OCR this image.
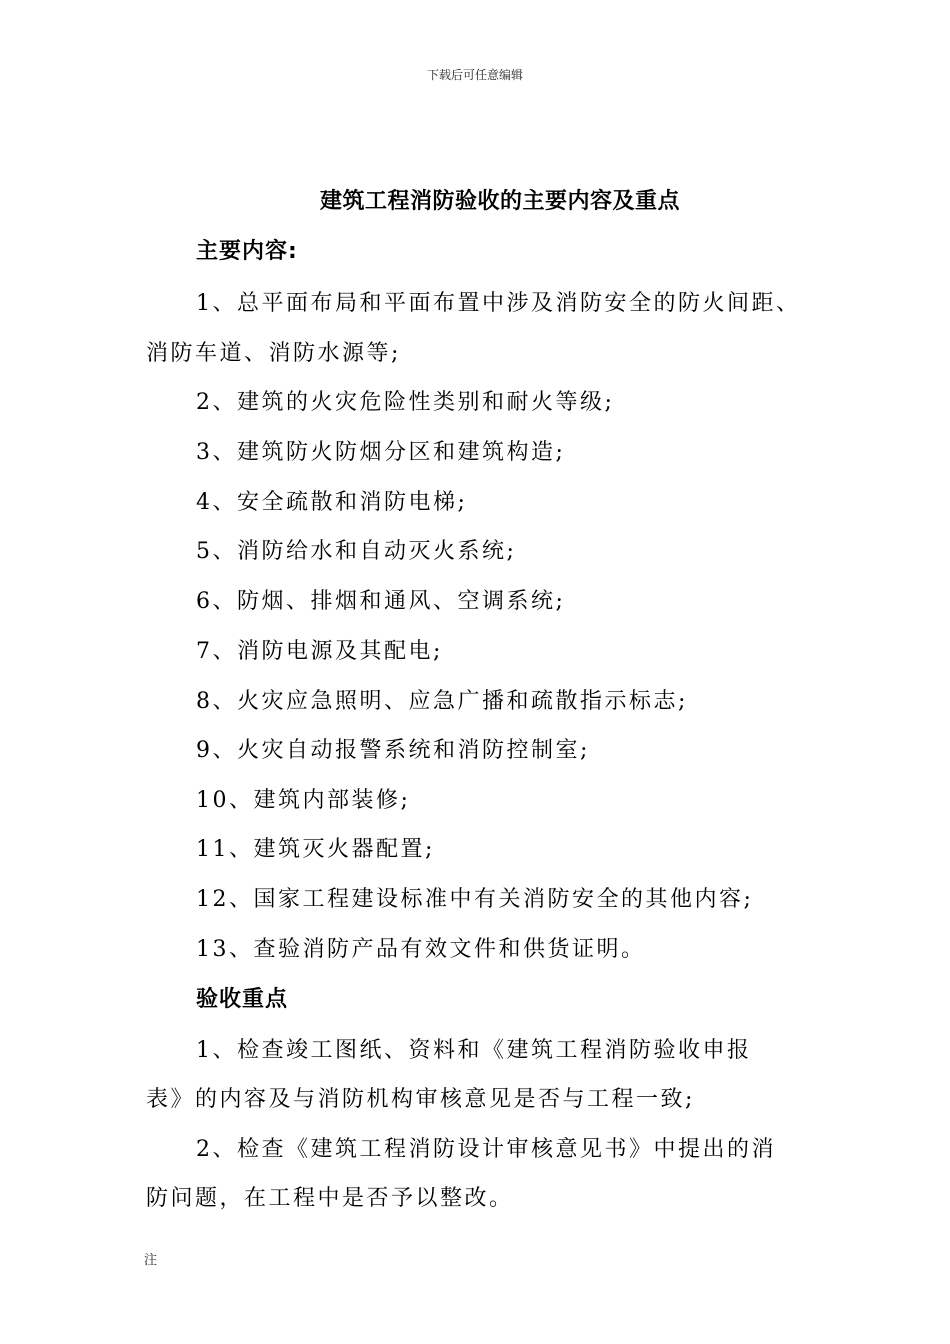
下载后可任意编辑
建筑工程消防验收的主要内容及重点
主要内容:
1、总平面布局和平面布置中涉及消防安全的防火间距、
消防车道、消防水源等;
2、建筑的火灾危险性类别和耐火等级;
3、建筑防火防烟分区和建筑构造;
4、安全疏散和消防电梯;
5、消防给水和自动灭火系统;
6、防烟、排烟和通风、空调系统;
7、消防电源及其配电;
8、火灾应急照明、应急广播和疏散指示标志;
9、火灾自动报警系统和消防控制室;
10、建筑内部装修;
11、建筑灭火器配置;
12、国家工程建设标准中有关消防安全的其他内容;
13、查验消防产品有效文件和供货证明。
验收重点
1、检查竣工图纸、资料和《建筑工程消防验收申报
表》的内容及与消防机构审核意见是否与工程一致;
2、检查《建筑工程消防设计审核意见书》中提出的消
防问题，在工程中是否予以整改。
注
